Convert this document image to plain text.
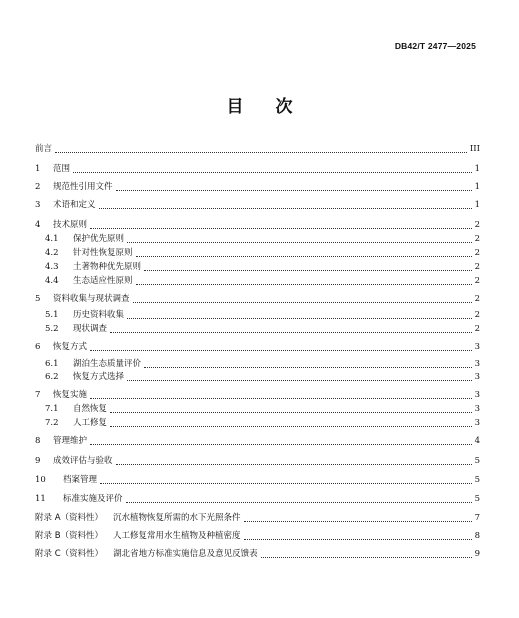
DB42/T 2477—2025
目 次
前言	III
1	范围	1
2	规范性引用文件	1
3	术语和定义	1
4	技术原则	2
4.1	保护优先原则	2
4.2	针对性恢复原则	2
4.3	土著物种优先原则	2
4.4	生态适应性原则	2
5	资料收集与现状调查	2
5.1	历史资料收集	2
5.2	现状调查	2
6	恢复方式	3
6.1	湖泊生态质量评价	3
6.2	恢复方式选择	3
7	恢复实施	3
7.1	自然恢复	3
7.2	人工修复	3
8	管理维护	4
9	成效评估与验收	5
10	档案管理	5
11	标准实施及评价	5
附录 A（资料性） 沉水植物恢复所需的水下光照条件	7
附录 B（资料性） 人工修复常用水生植物及种植密度	8
附录 C（资料性） 湖北省地方标准实施信息及意见反馈表	9
